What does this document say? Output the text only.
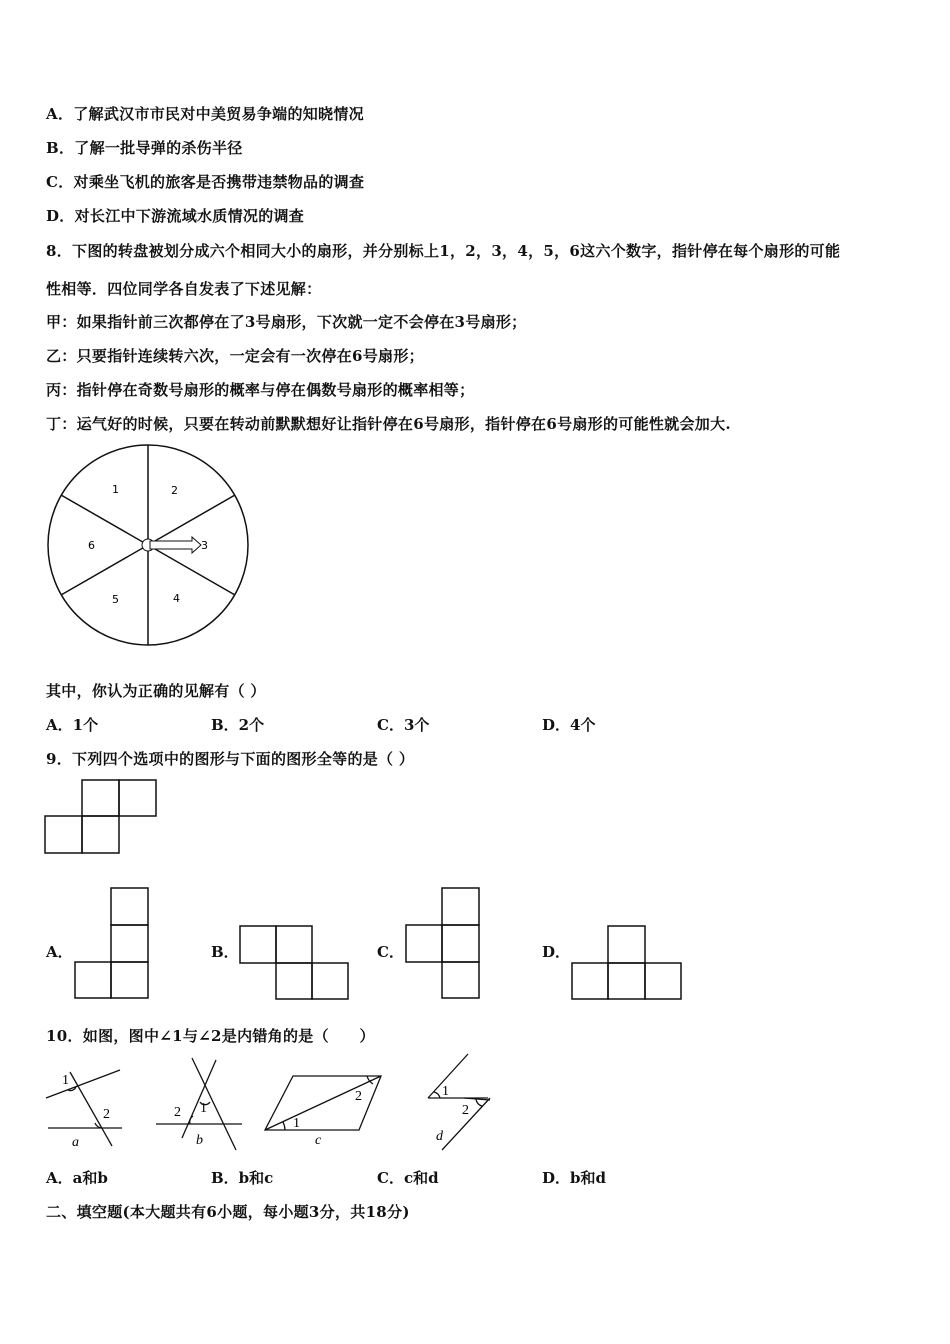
A．了解武汉市市民对中美贸易争端的知晓情况
B．了解一批导弹的杀伤半径
C．对乘坐飞机的旅客是否携带违禁物品的调查
D．对长江中下游流域水质情况的调查
8．下图的转盘被划分成六个相同大小的扇形，并分别标上1，2，3，4，5，6这六个数字，指针停在每个扇形的可能
性相等．四位同学各自发表了下述见解：
甲：如果指针前三次都停在了3号扇形，下次就一定不会停在3号扇形；
乙：只要指针连续转六次，一定会有一次停在6号扇形；
丙：指针停在奇数号扇形的概率与停在偶数号扇形的概率相等；
丁：运气好的时候，只要在转动前默默想好让指针停在6号扇形，指针停在6号扇形的可能性就会加大.
1	2
3
4
5
6
其中，你认为正确的见解有（ ）
A．1个	B．2个	C．3个	D．4个
9．下列四个选项中的图形与下面的图形全等的是（ ）
A．	B．	C．	D．
10．如图，图中∠1与∠2是内错角的是（　　）
1
2
a
1
2
b
1
2
c
1
2
d
A．a和b	B．b和c	C．c和d	D．b和d
二、填空题(本大题共有6小题，每小题3分，共18分)
